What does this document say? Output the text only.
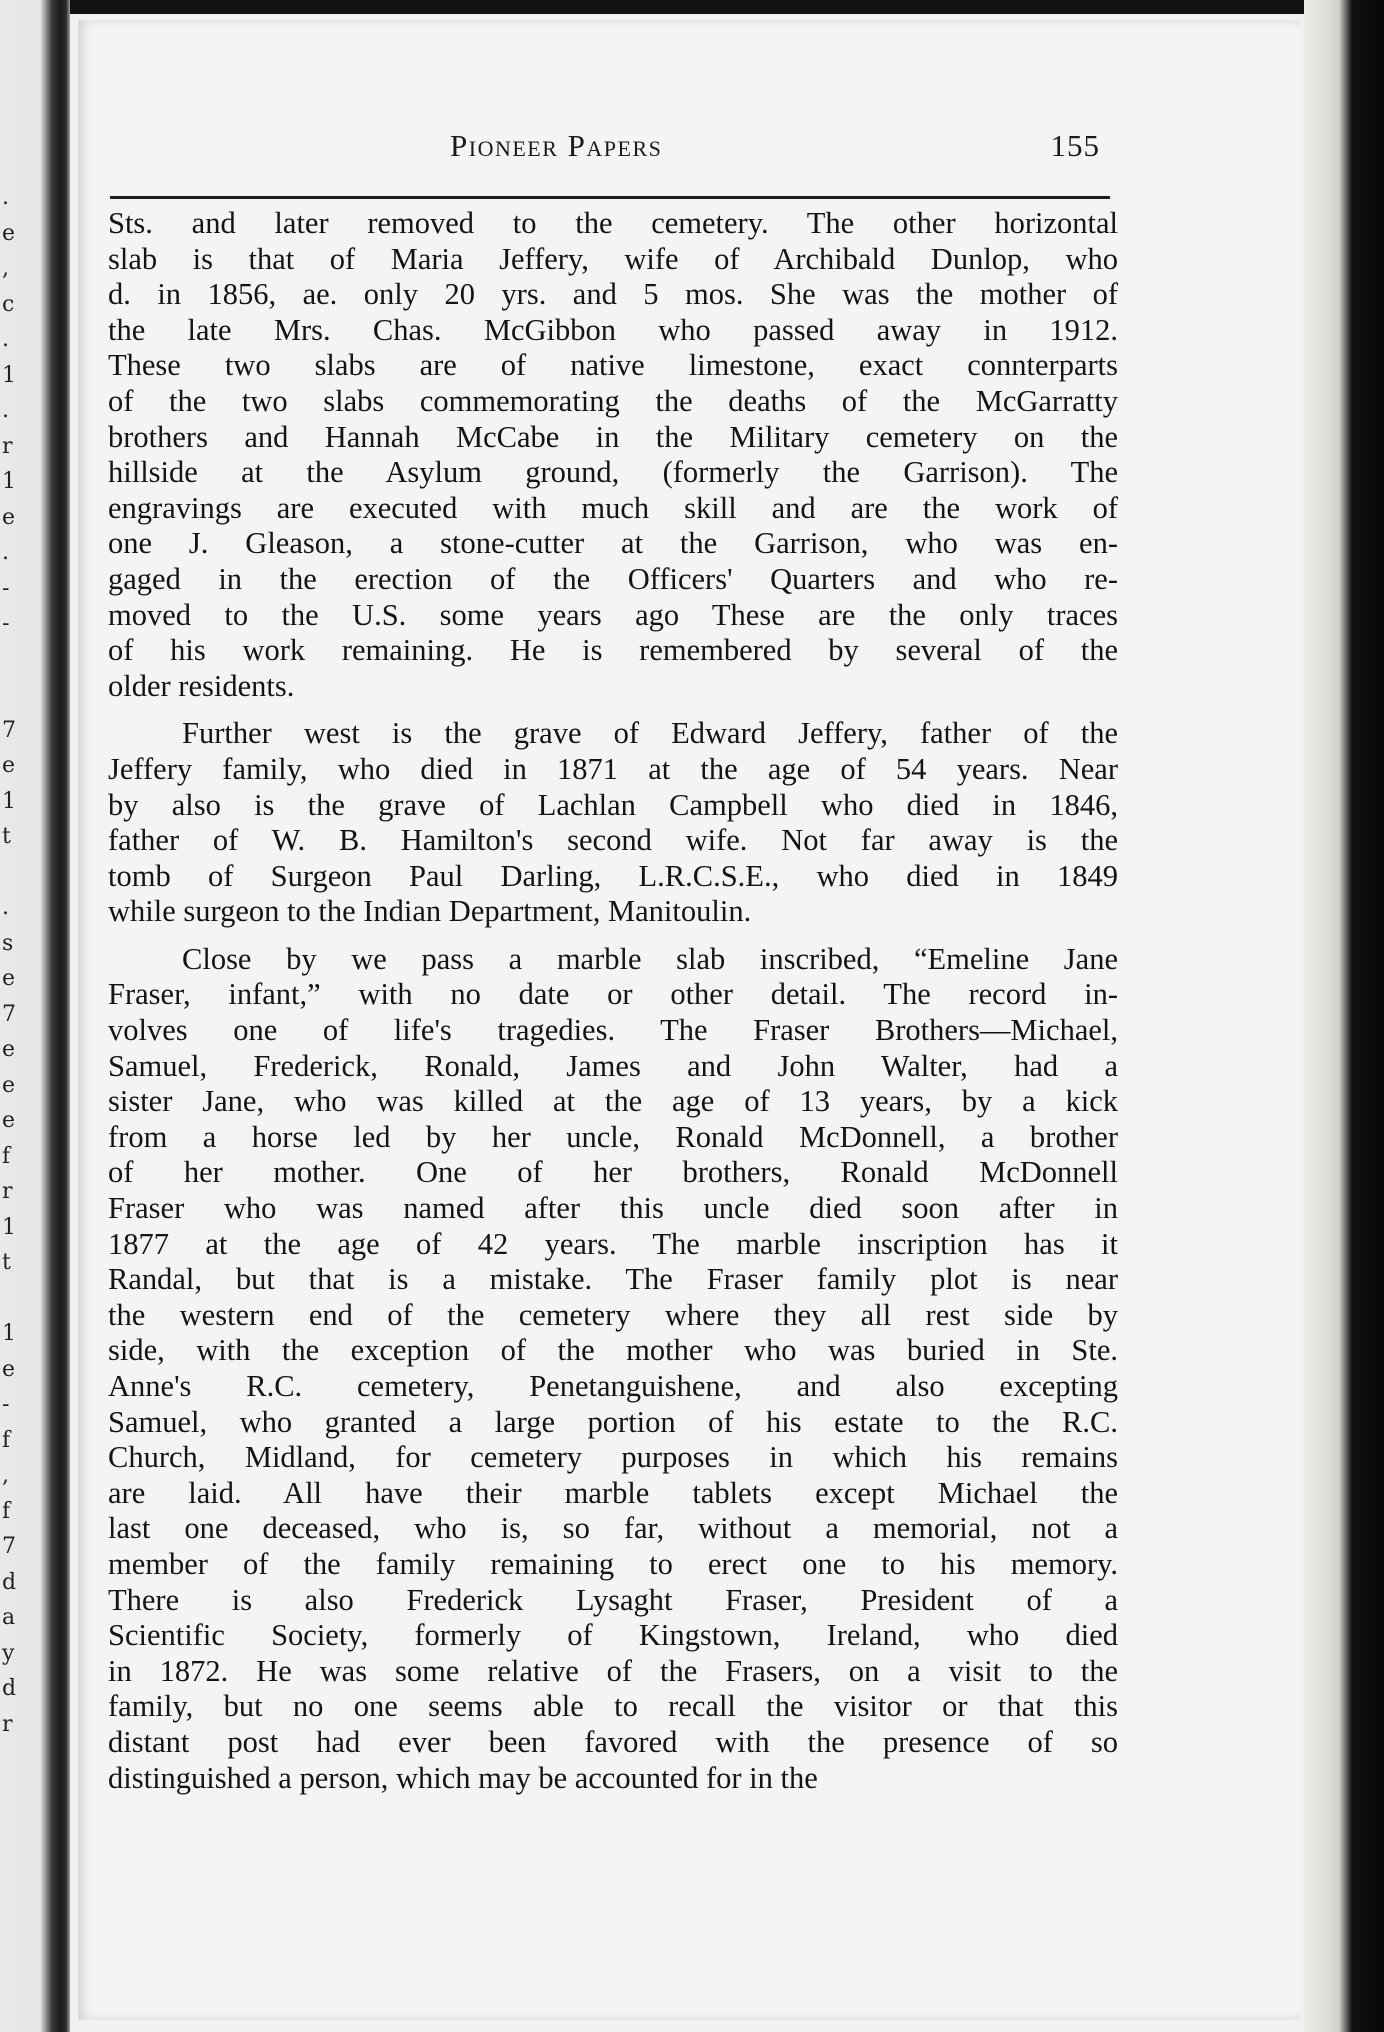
.
e
,
c
.
1
.
r
1
e
.
-
-
7
e
1
t
.
s
e
7
e
e
e
f
r
1
t
1
e
-
f
,
f
7
d
a
y
d
r
Pioneer Papers	155
Sts. and later removed to the cemetery. The other horizontal
slab is that of Maria Jeffery, wife of Archibald Dunlop, who
d. in 1856, ae. only 20 yrs. and 5 mos. She was the mother of
the late Mrs. Chas. McGibbon who passed away in 1912.
These two slabs are of native limestone, exact connterparts
of the two slabs commemorating the deaths of the McGarratty
brothers and Hannah McCabe in the Military cemetery on the
hillside at the Asylum ground, (formerly the Garrison). The
engravings are executed with much skill and are the work of
one J. Gleason, a stone-cutter at the Garrison, who was en-
gaged in the erection of the Officers' Quarters and who re-
moved to the U.S. some years ago These are the only traces
of his work remaining. He is remembered by several of the
older residents.
Further west is the grave of Edward Jeffery, father of the
Jeffery family, who died in 1871 at the age of 54 years. Near
by also is the grave of Lachlan Campbell who died in 1846,
father of W. B. Hamilton's second wife. Not far away is the
tomb of Surgeon Paul Darling, L.R.C.S.E., who died in 1849
while surgeon to the Indian Department, Manitoulin.
Close by we pass a marble slab inscribed, “Emeline Jane
Fraser, infant,” with no date or other detail. The record in-
volves one of life's tragedies. The Fraser Brothers—Michael,
Samuel, Frederick, Ronald, James and John Walter, had a
sister Jane, who was killed at the age of 13 years, by a kick
from a horse led by her uncle, Ronald McDonnell, a brother
of her mother. One of her brothers, Ronald McDonnell
Fraser who was named after this uncle died soon after in
1877 at the age of 42 years. The marble inscription has it
Randal, but that is a mistake. The Fraser family plot is near
the western end of the cemetery where they all rest side by
side, with the exception of the mother who was buried in Ste.
Anne's R.C. cemetery, Penetanguishene, and also excepting
Samuel, who granted a large portion of his estate to the R.C.
Church, Midland, for cemetery purposes in which his remains
are laid. All have their marble tablets except Michael the
last one deceased, who is, so far, without a memorial, not a
member of the family remaining to erect one to his memory.
There is also Frederick Lysaght Fraser, President of a
Scientific Society, formerly of Kingstown, Ireland, who died
in 1872. He was some relative of the Frasers, on a visit to the
family, but no one seems able to recall the visitor or that this
distant post had ever been favored with the presence of so
distinguished a person, which may be accounted for in the
